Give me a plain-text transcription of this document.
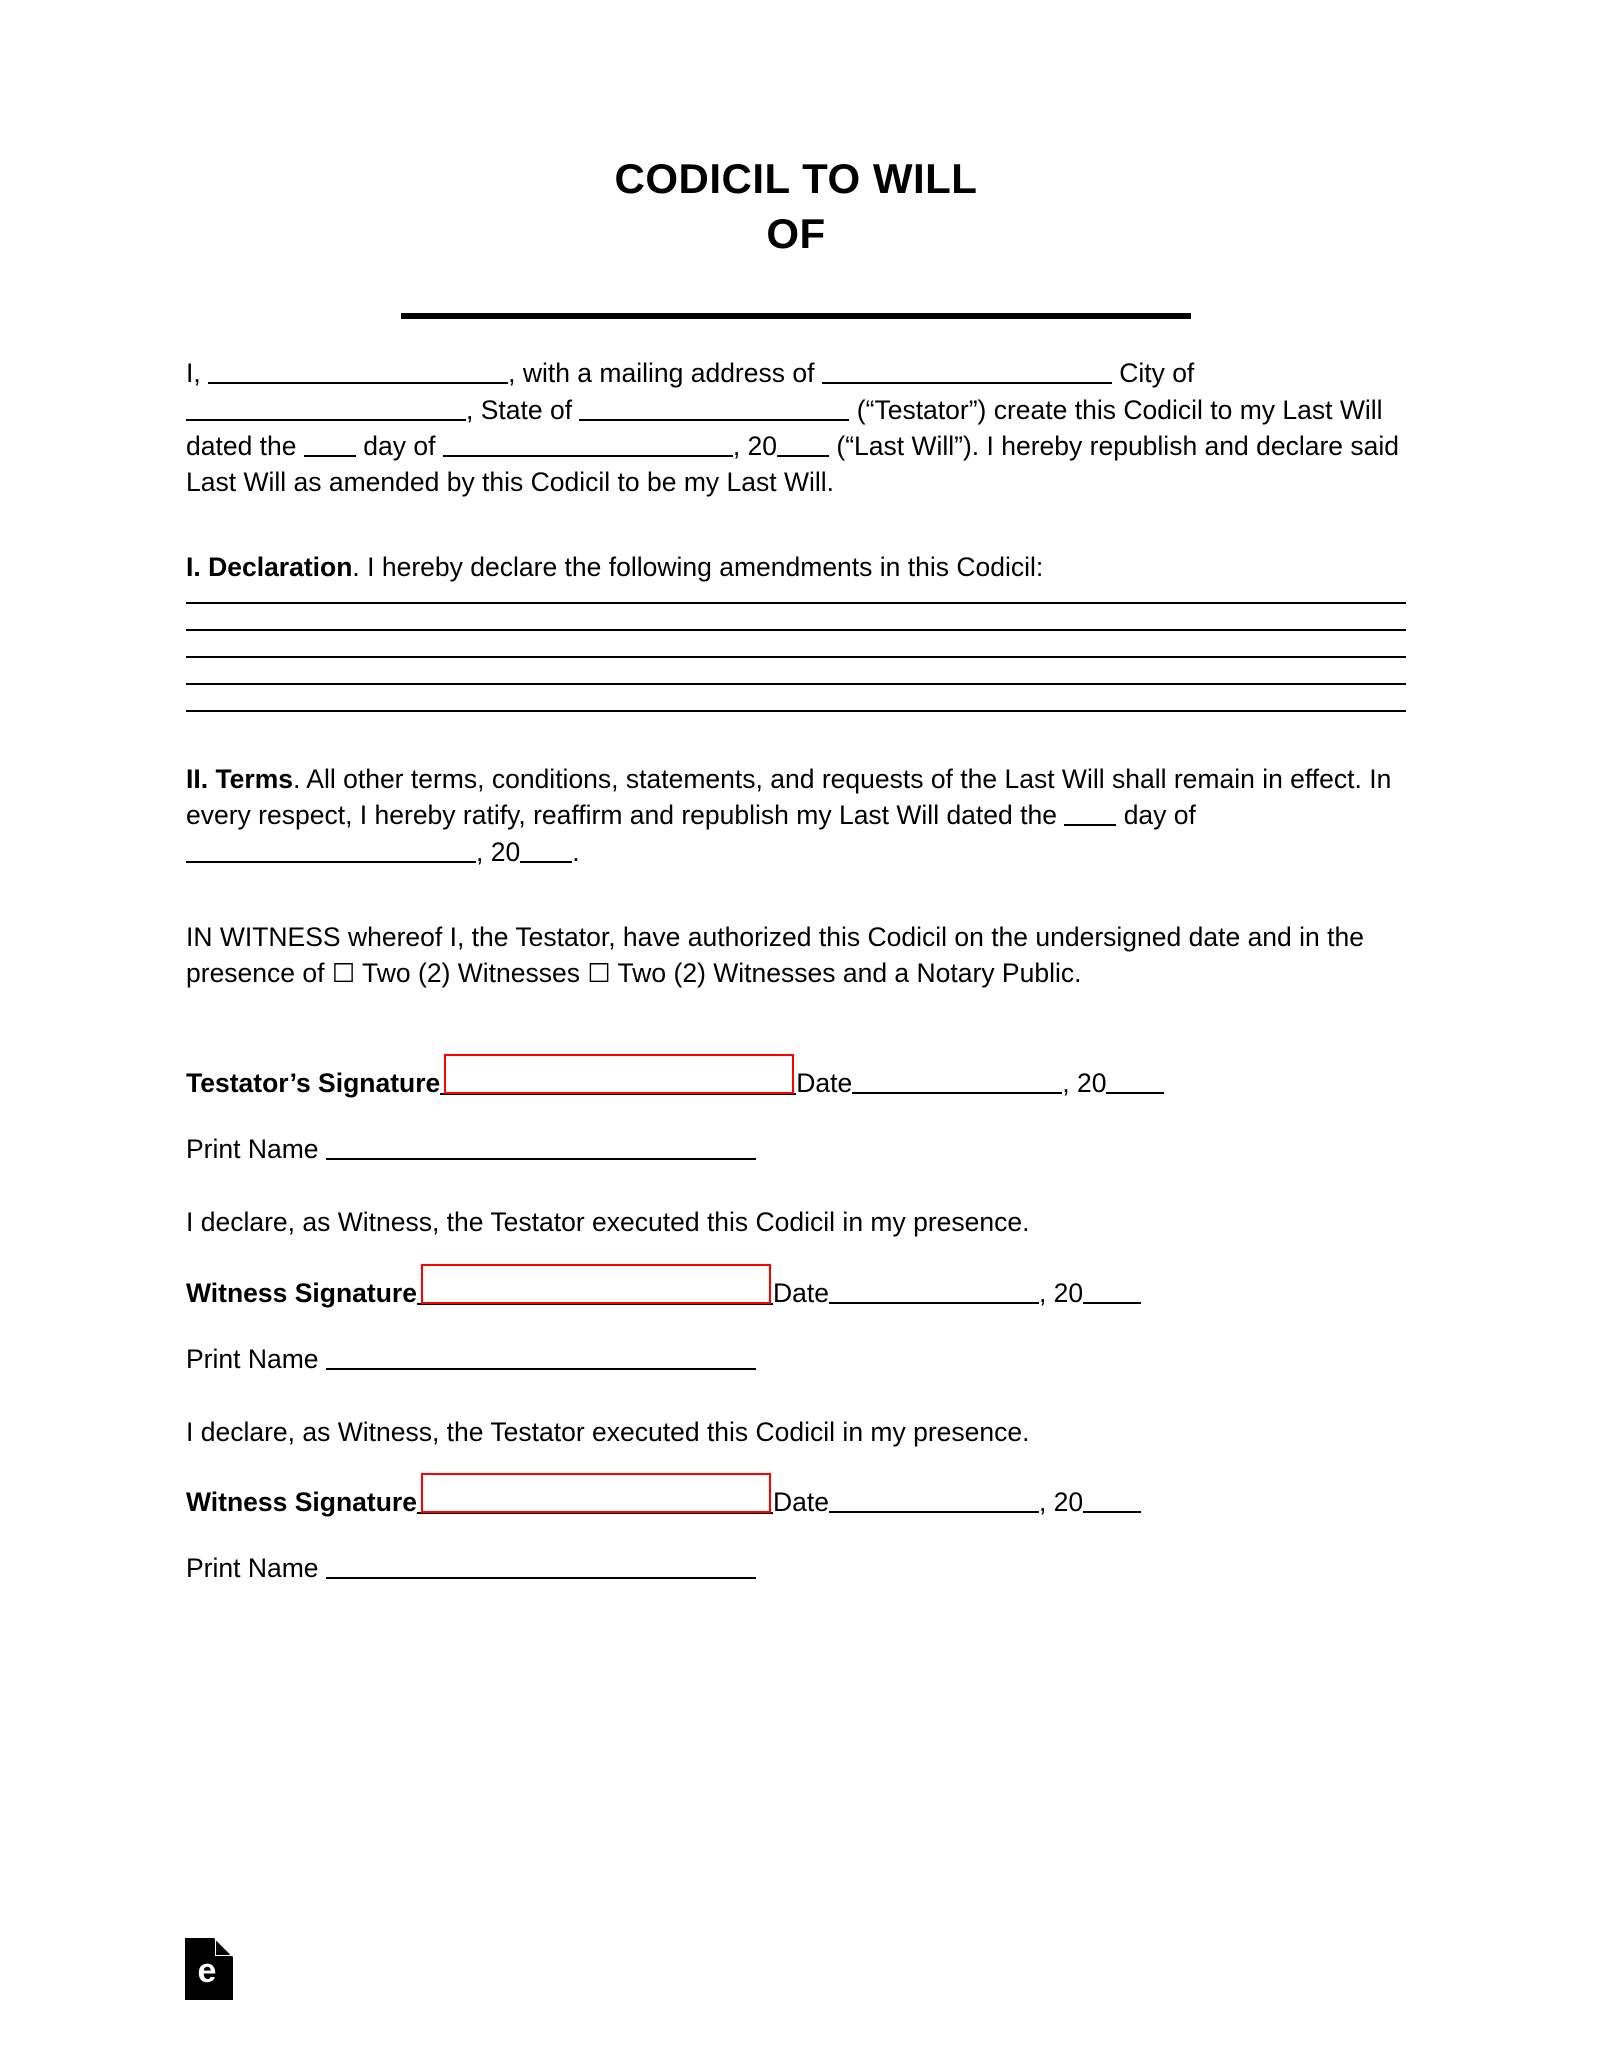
CODICIL TO WILL
OF

I,	, with a mailing address of	City of , State of	(“Testator”) create this Codicil to my Last Will dated the  day of	, 20 (“Last Will”). I hereby republish and declare said Last Will as amended by this Codicil to be my Last Will.

I. Declaration. I hereby declare the following amendments in this Codicil:

II. Terms. All other terms, conditions, statements, and requests of the Last Will shall remain in effect. In every respect, I hereby ratify, reaffirm and republish my Last Will dated the  day of , 20 .

IN WITNESS whereof I, the Testator, have authorized this Codicil on the undersigned date and in the presence of ☐ Two (2) Witnesses ☐ Two (2) Witnesses and a Notary Public.

Testator’s Signature	Date	, 20
Print Name

I declare, as Witness, the Testator executed this Codicil in my presence.

Witness Signature	Date	, 20
Print Name

I declare, as Witness, the Testator executed this Codicil in my presence.

Witness Signature	Date	, 20
Print Name
e
